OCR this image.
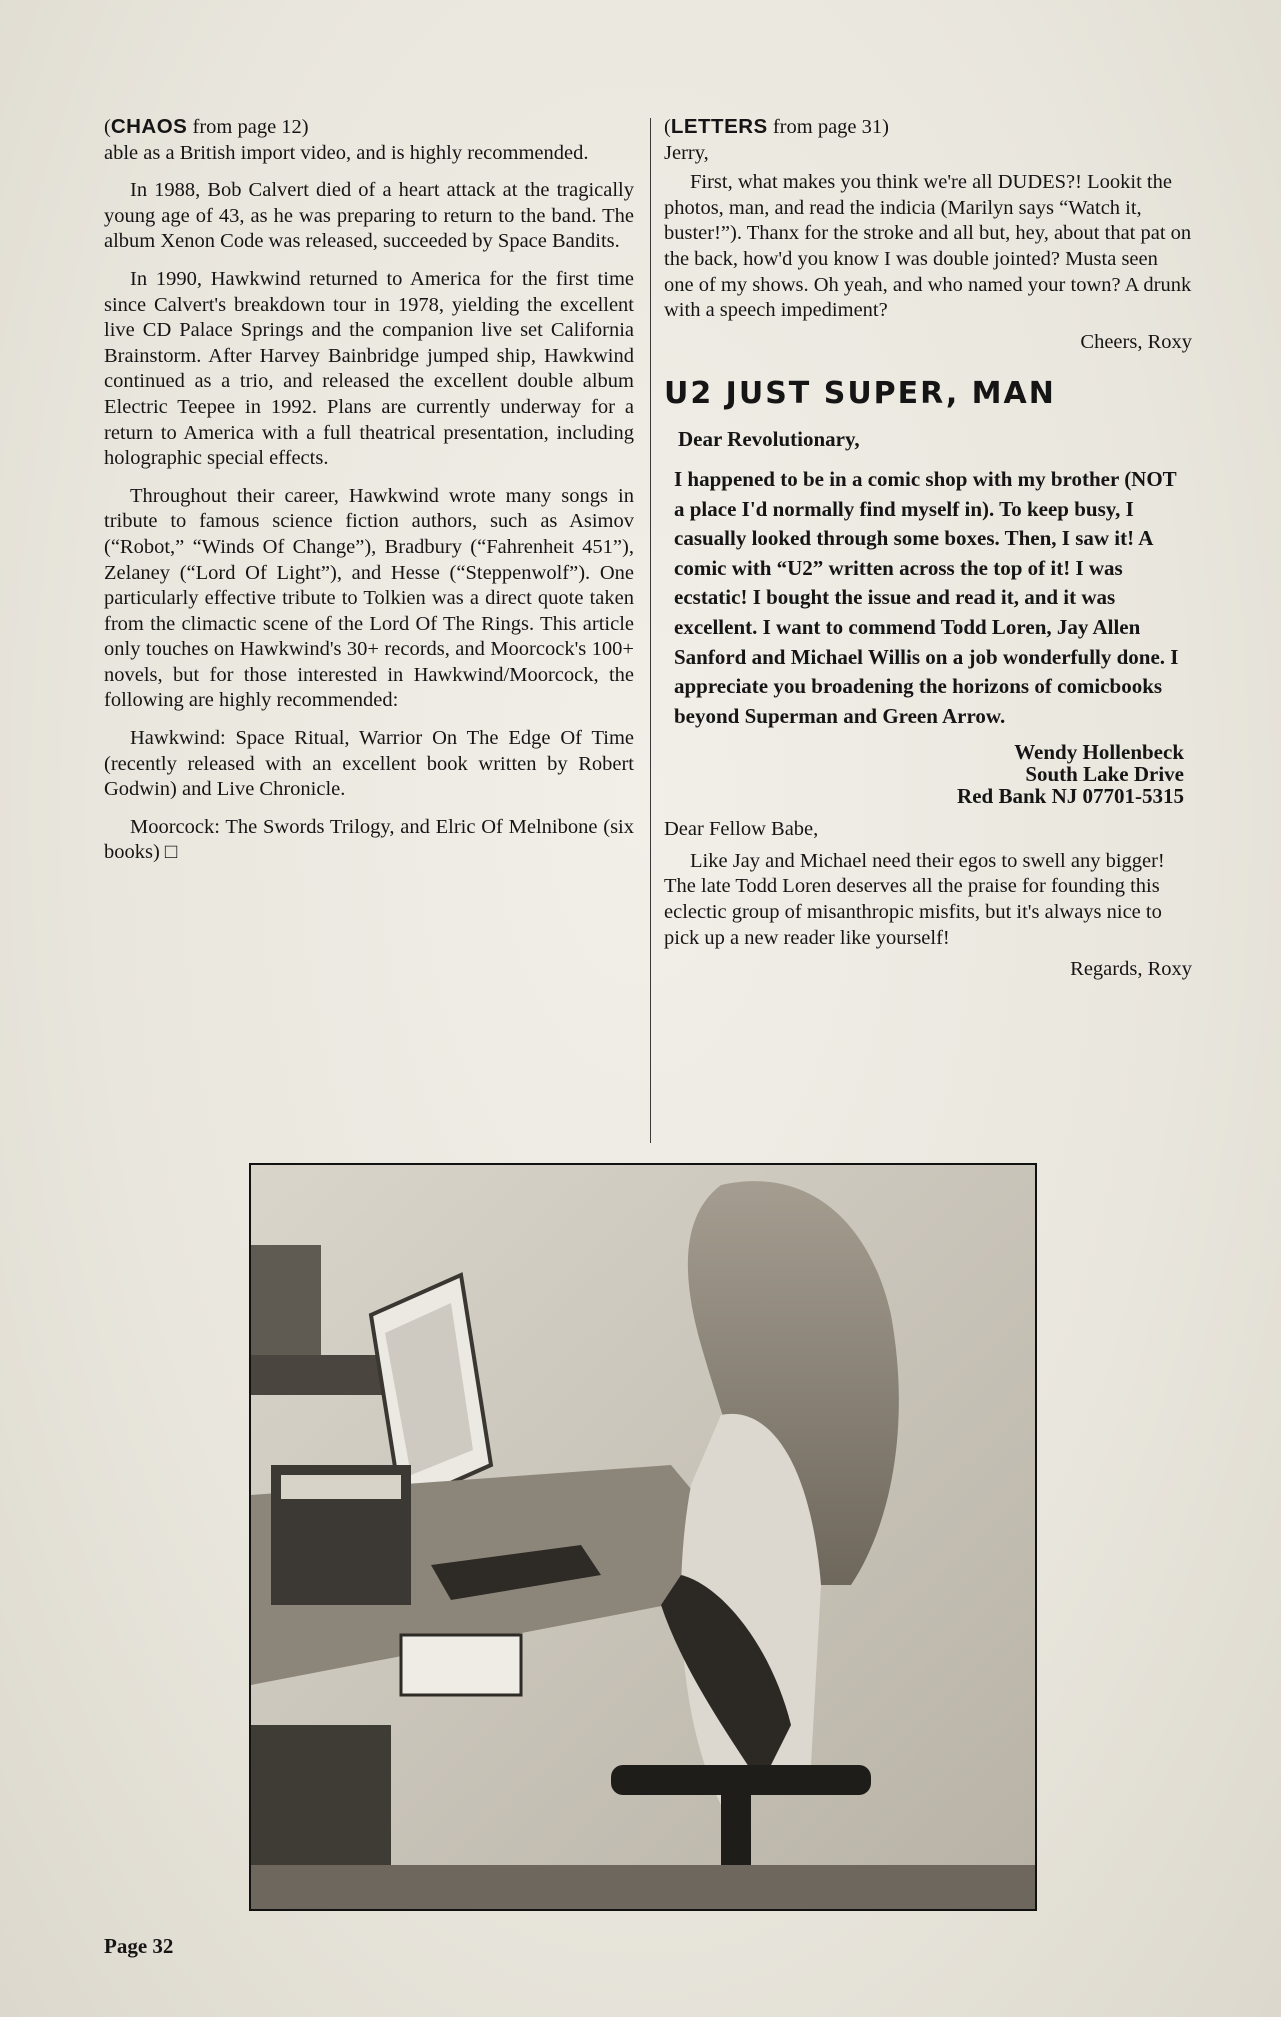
(CHAOS from page 12)

able as a British import video, and is highly recommended.

In 1988, Bob Calvert died of a heart attack at the tragically young age of 43, as he was preparing to return to the band. The album Xenon Code was released, succeeded by Space Bandits.

In 1990, Hawkwind returned to America for the first time since Calvert's breakdown tour in 1978, yielding the excellent live CD Palace Springs and the companion live set California Brainstorm. After Harvey Bainbridge jumped ship, Hawkwind continued as a trio, and released the excellent double album Electric Teepee in 1992. Plans are currently underway for a return to America with a full theatrical presentation, including holographic special effects.

Throughout their career, Hawkwind wrote many songs in tribute to famous science fiction authors, such as Asimov (“Robot,” “Winds Of Change”), Bradbury (“Fahrenheit 451”), Zelaney (“Lord Of Light”), and Hesse (“Steppenwolf”). One particularly effective tribute to Tolkien was a direct quote taken from the climactic scene of the Lord Of The Rings. This article only touches on Hawkwind's 30+ records, and Moorcock's 100+ novels, but for those interested in Hawkwind/Moorcock, the following are highly recommended:

Hawkwind: Space Ritual, Warrior On The Edge Of Time (recently released with an excellent book written by Robert Godwin) and Live Chronicle.

Moorcock: The Swords Trilogy, and Elric Of Melnibone (six books) □

(LETTERS from page 31)

Jerry,

First, what makes you think we're all DUDES?! Lookit the photos, man, and read the indicia (Marilyn says “Watch it, buster!”). Thanx for the stroke and all but, hey, about that pat on the back, how'd you know I was double jointed? Musta seen one of my shows. Oh yeah, and who named your town? A drunk with a speech impediment?

Cheers, Roxy

U2 JUST SUPER, MAN

Dear Revolutionary,

I happened to be in a comic shop with my brother (NOT a place I'd normally find myself in). To keep busy, I casually looked through some boxes. Then, I saw it! A comic with “U2” written across the top of it! I was ecstatic! I bought the issue and read it, and it was excellent. I want to commend Todd Loren, Jay Allen Sanford and Michael Willis on a job wonderfully done. I appreciate you broadening the horizons of comicbooks beyond Superman and Green Arrow.

Wendy Hollenbeck
South Lake Drive
Red Bank NJ 07701-5315

Dear Fellow Babe,

Like Jay and Michael need their egos to swell any bigger! The late Todd Loren deserves all the praise for founding this eclectic group of misanthropic misfits, but it's always nice to pick up a new reader like yourself!

Regards, Roxy

Page 32
